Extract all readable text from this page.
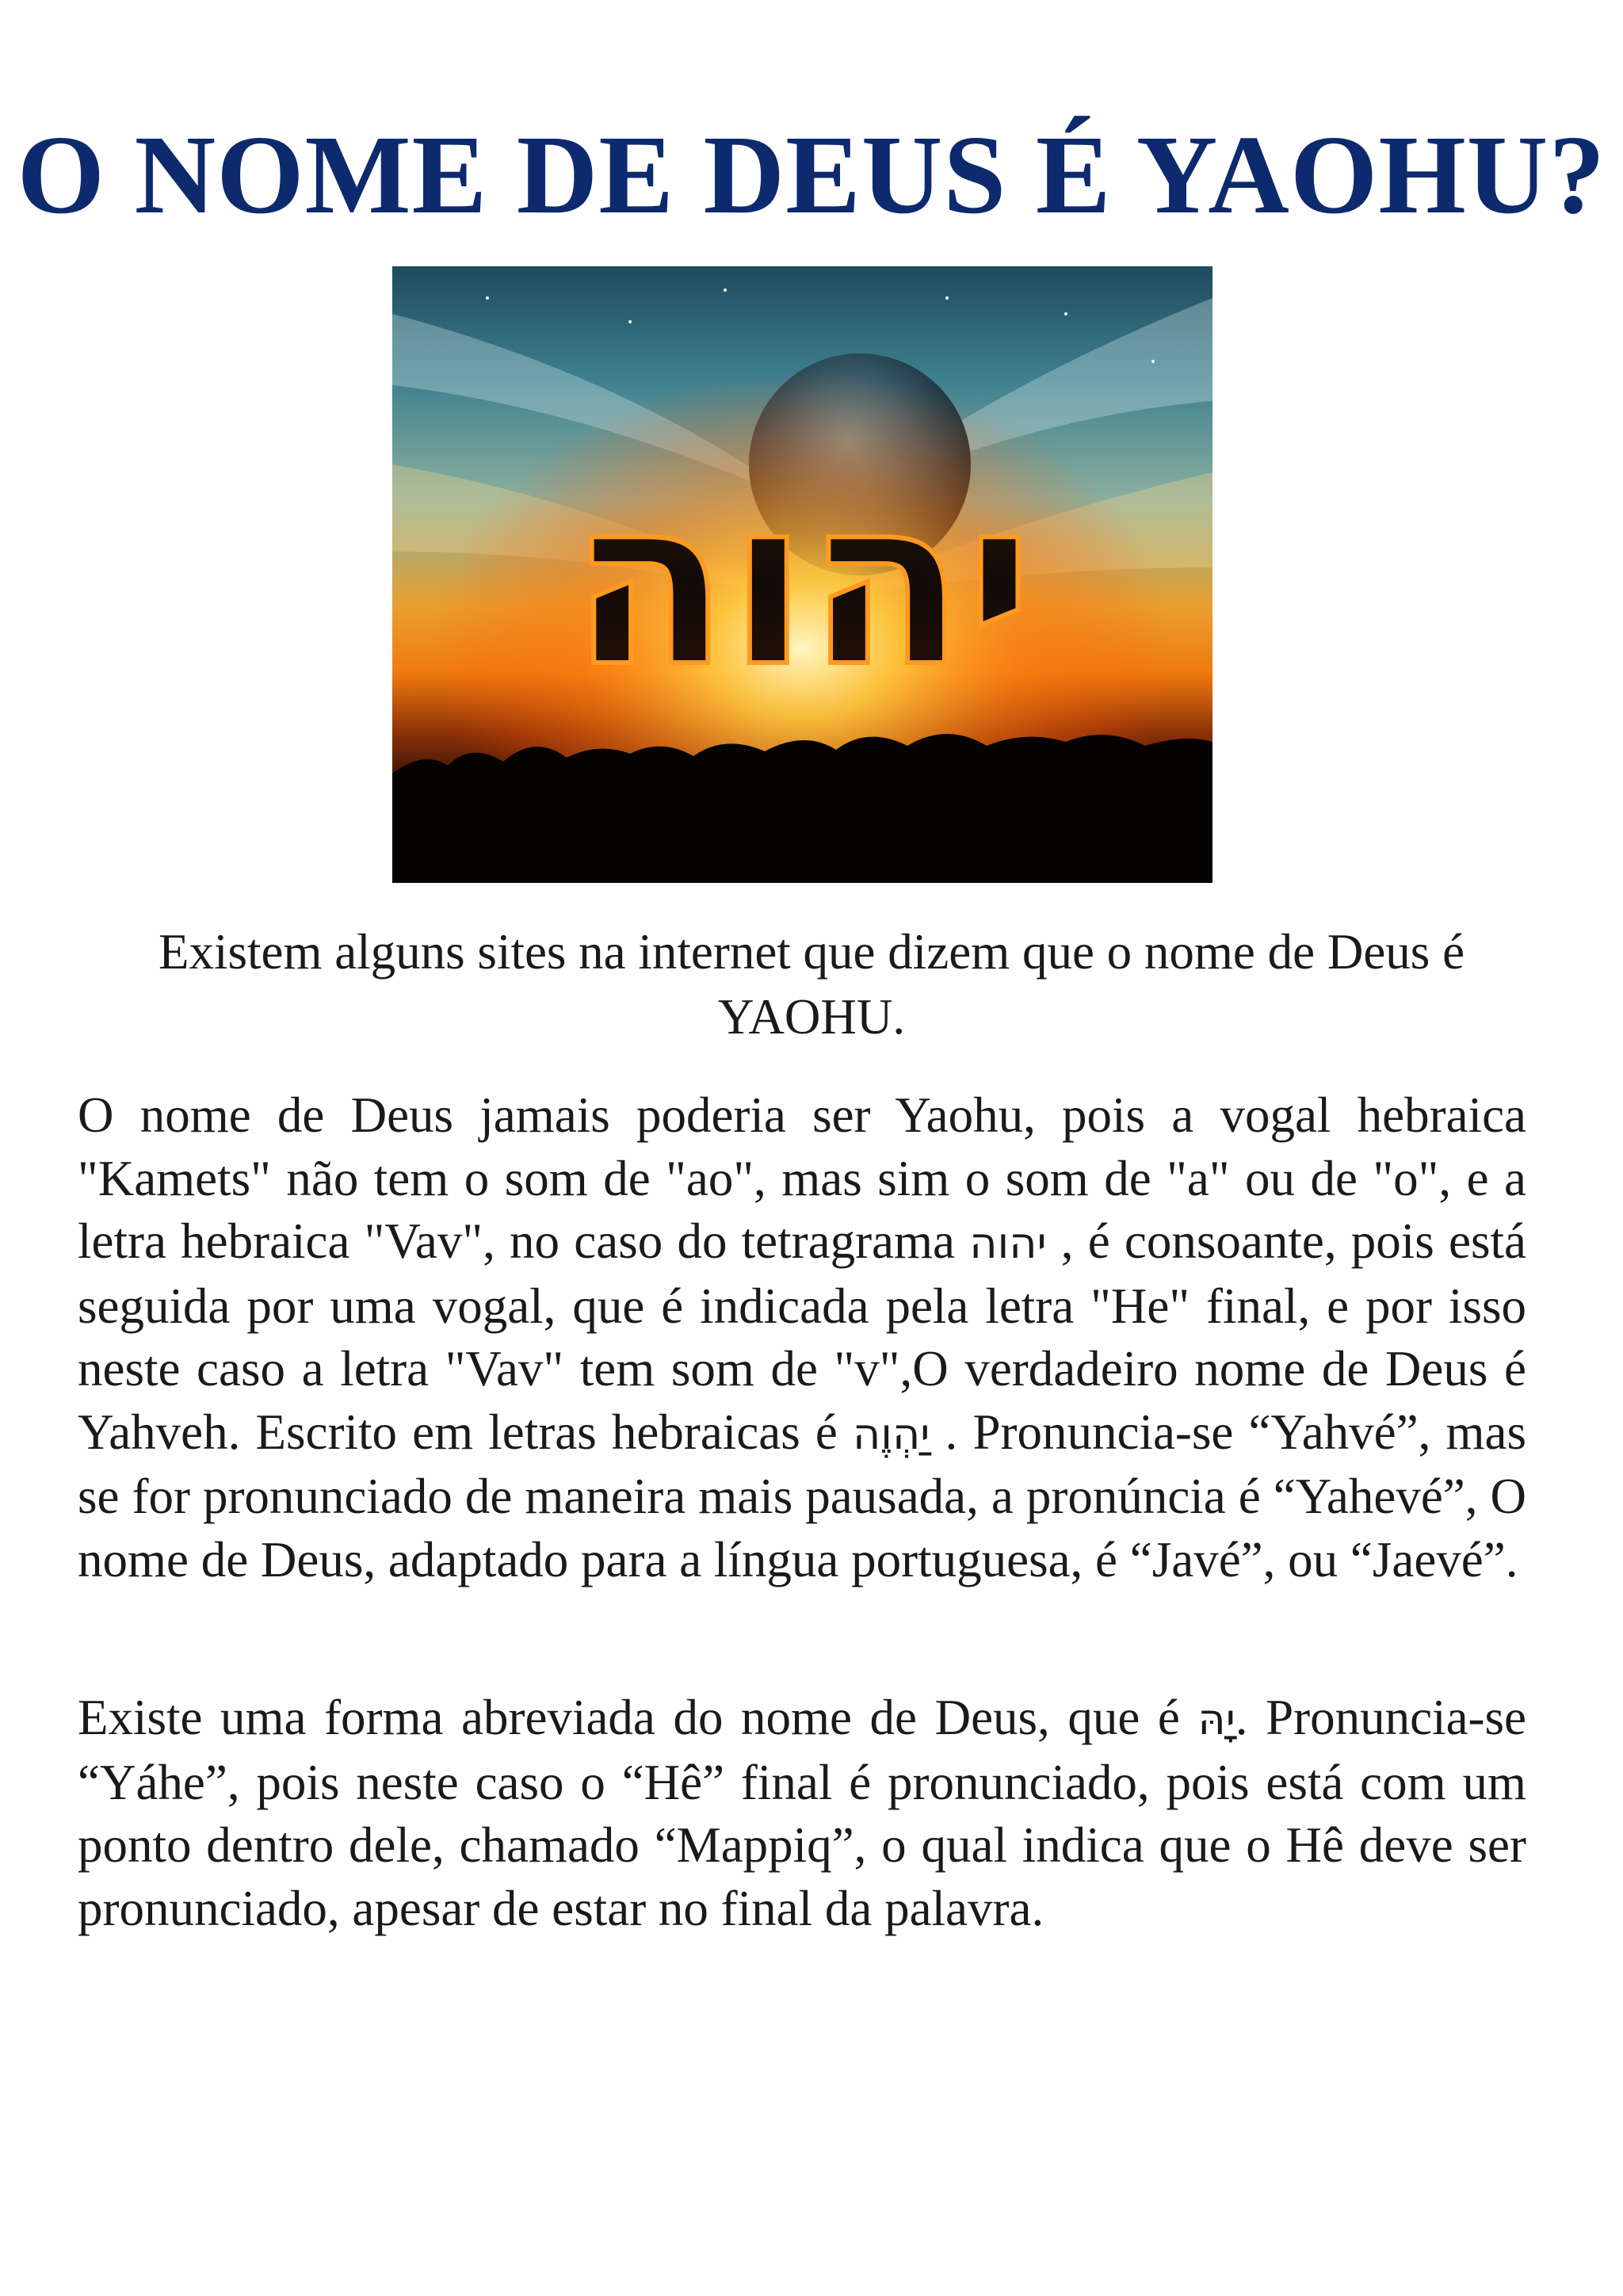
O NOME DE DEUS É YAOHU?
יהוה

Existem alguns sites na internet que dizem que o nome de Deus é YAOHU.

O nome de Deus jamais poderia ser Yaohu, pois a vogal hebraica "Kamets" não tem o som de "ao", mas sim o som de "a" ou de "o", e a letra hebraica "Vav", no caso do tetragrama יהוה , é consoante, pois está seguida por uma vogal, que é indicada pela letra "He" final, e por isso neste caso a letra "Vav" tem som de "v",O verdadeiro nome de Deus é Yahveh. Escrito em letras hebraicas é יַהְוֶה . Pronuncia-se “Yahvé”, mas se for pronunciado de maneira mais pausada, a pronúncia é “Yahevé”, O nome de Deus, adaptado para a língua portuguesa, é “Javé”, ou “Jaevé”.

Existe uma forma abreviada do nome de Deus, que é יָהּ. Pronuncia-se “Yáhe”, pois neste caso o “Hê” final é pronunciado, pois está com um ponto dentro dele, chamado “Mappiq”, o qual indica que o Hê deve ser pronunciado, apesar de estar no final da palavra.
